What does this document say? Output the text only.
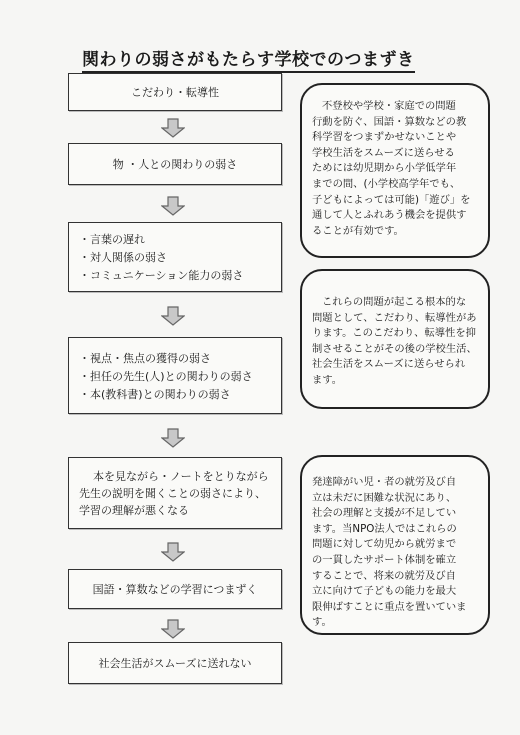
関わりの弱さがもたらす学校でのつまずき
こだわり・転導性
物 ・人との関わりの弱さ
・言葉の遅れ
・対人関係の弱さ
・コミュニケーション能力の弱さ
・視点・焦点の獲得の弱さ
・担任の先生(人)との関わりの弱さ
・本(教科書)との関わりの弱さ
本を見ながら・ノートをとりながら
先生の説明を聞くことの弱さにより、
学習の理解が悪くなる
国語・算数などの学習につまずく
社会生活がスムーズに送れない
不登校や学校・家庭での問題
行動を防ぐ、国語・算数などの教
科学習をつまずかせないことや
学校生活をスムーズに送らせる
ためには幼児期から小学低学年
までの間、(小学校高学年でも、
子どもによっては可能)「遊び」を
通して人とふれあう機会を提供す
ることが有効です。
これらの問題が起こる根本的な
問題として、こだわり、転導性があ
ります。このこだわり、転導性を抑
制させることがその後の学校生活、
社会生活をスムーズに送らせられ
ます。
発達障がい児・者の就労及び自
立は未だに困難な状況にあり、
社会の理解と支援が不足してい
ます。当NPO法人ではこれらの
問題に対して幼児から就労まで
の一貫したサポート体制を確立
することで、将来の就労及び自
立に向けて子どもの能力を最大
限伸ばすことに重点を置いていま
す。
